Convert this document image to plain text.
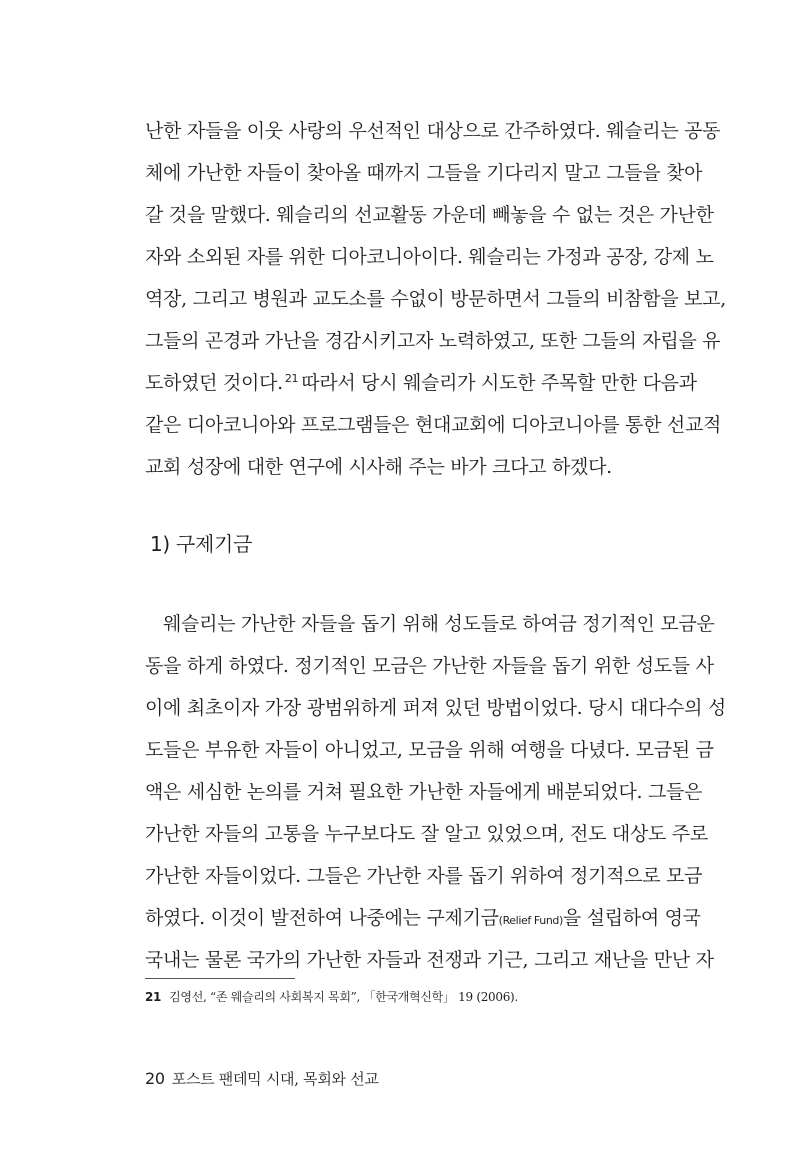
난한 자들을 이웃 사랑의 우선적인 대상으로 간주하였다. 웨슬리는 공동
체에 가난한 자들이 찾아올 때까지 그들을 기다리지 말고 그들을 찾아
갈 것을 말했다. 웨슬리의 선교활동 가운데 빼놓을 수 없는 것은 가난한
자와 소외된 자를 위한 디아코니아이다. 웨슬리는 가정과 공장, 강제 노
역장, 그리고 병원과 교도소를 수없이 방문하면서 그들의 비참함을 보고,
그들의 곤경과 가난을 경감시키고자 노력하였고, 또한 그들의 자립을 유
도하였던 것이다. $^{21}$ 따라서 당시 웨슬리가 시도한 주목할 만한 다음과
같은 디아코니아와 프로그램들은 현대교회에 디아코니아를 통한 선교적
교회 성장에 대한 연구에 시사해 주는 바가 크다고 하겠다.
1) 구제기금
웨슬리는 가난한 자들을 돕기 위해 성도들로 하여금 정기적인 모금운
동을 하게 하였다. 정기적인 모금은 가난한 자들을 돕기 위한 성도들 사
이에 최초이자 가장 광범위하게 퍼져 있던 방법이었다. 당시 대다수의 성
도들은 부유한 자들이 아니었고, 모금을 위해 여행을 다녔다. 모금된 금
액은 세심한 논의를 거쳐 필요한 가난한 자들에게 배분되었다. 그들은
가난한 자들의 고통을 누구보다도 잘 알고 있었으며, 전도 대상도 주로
가난한 자들이었다. 그들은 가난한 자를 돕기 위하여 정기적으로 모금
하였다. 이것이 발전하여 나중에는 구제기금(Relief Fund)을 설립하여 영국
국내는 물론 국가의 가난한 자들과 전쟁과 기근, 그리고 재난을 만난 자
21 김영선, “존 웨슬리의 사회복지 목회”, 「한국개혁신학」 19 (2006).
20 포스트 팬데믹 시대, 목회와 선교
